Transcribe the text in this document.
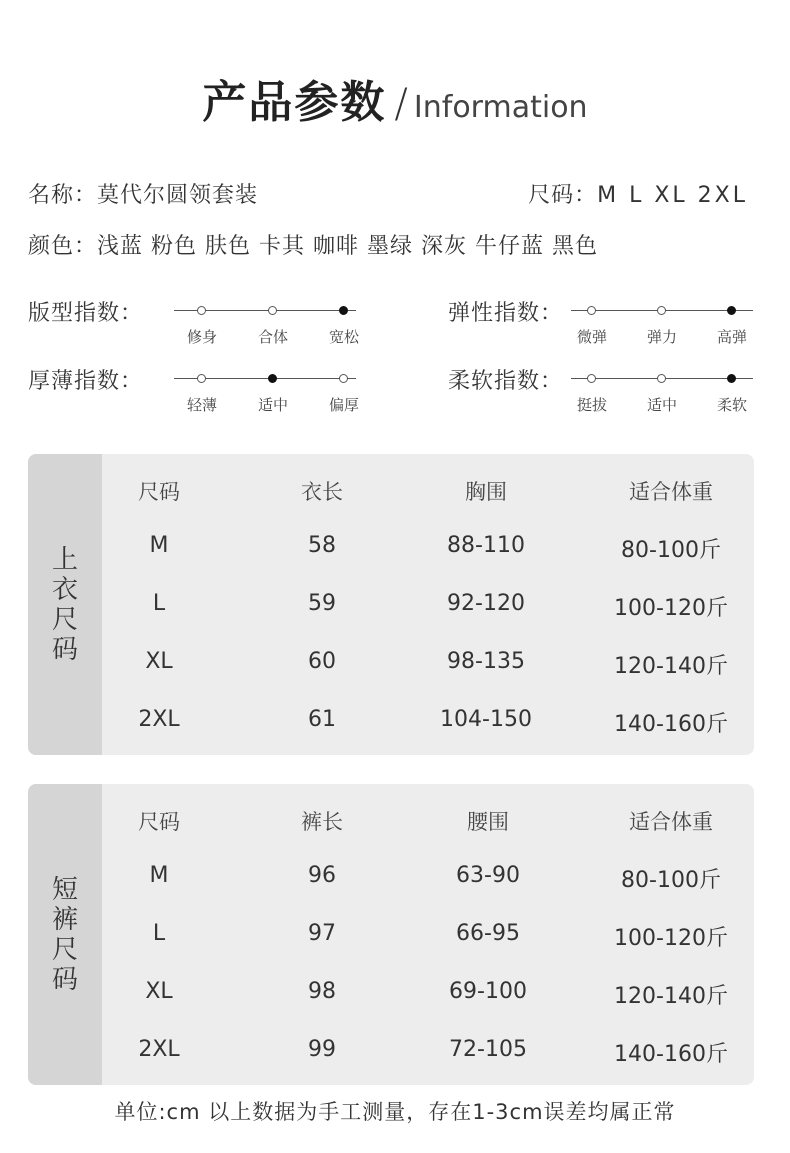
产品参数 / Information
名称：莫代尔圆领套装	尺码：M L XL 2XL
颜色：浅蓝 粉色 肤色 卡其 咖啡 墨绿 深灰 牛仔蓝 黑色
版型指数：
修身	合体	宽松
弹性指数：
微弹	弹力	高弹
厚薄指数：
轻薄	适中	偏厚
柔软指数：
挺拔	适中	柔软
上
衣
尺
码
尺码	衣长	胸围	适合体重
M	58	88-110	80-100斤
L	59	92-120	100-120斤
XL	60	98-135	120-140斤
2XL	61	104-150	140-160斤
短
裤
尺
码
尺码	裤长	腰围	适合体重
M	96	63-90	80-100斤
L	97	66-95	100-120斤
XL	98	69-100	120-140斤
2XL	99	72-105	140-160斤
单位:cm 以上数据为手工测量，存在1-3cm误差均属正常
